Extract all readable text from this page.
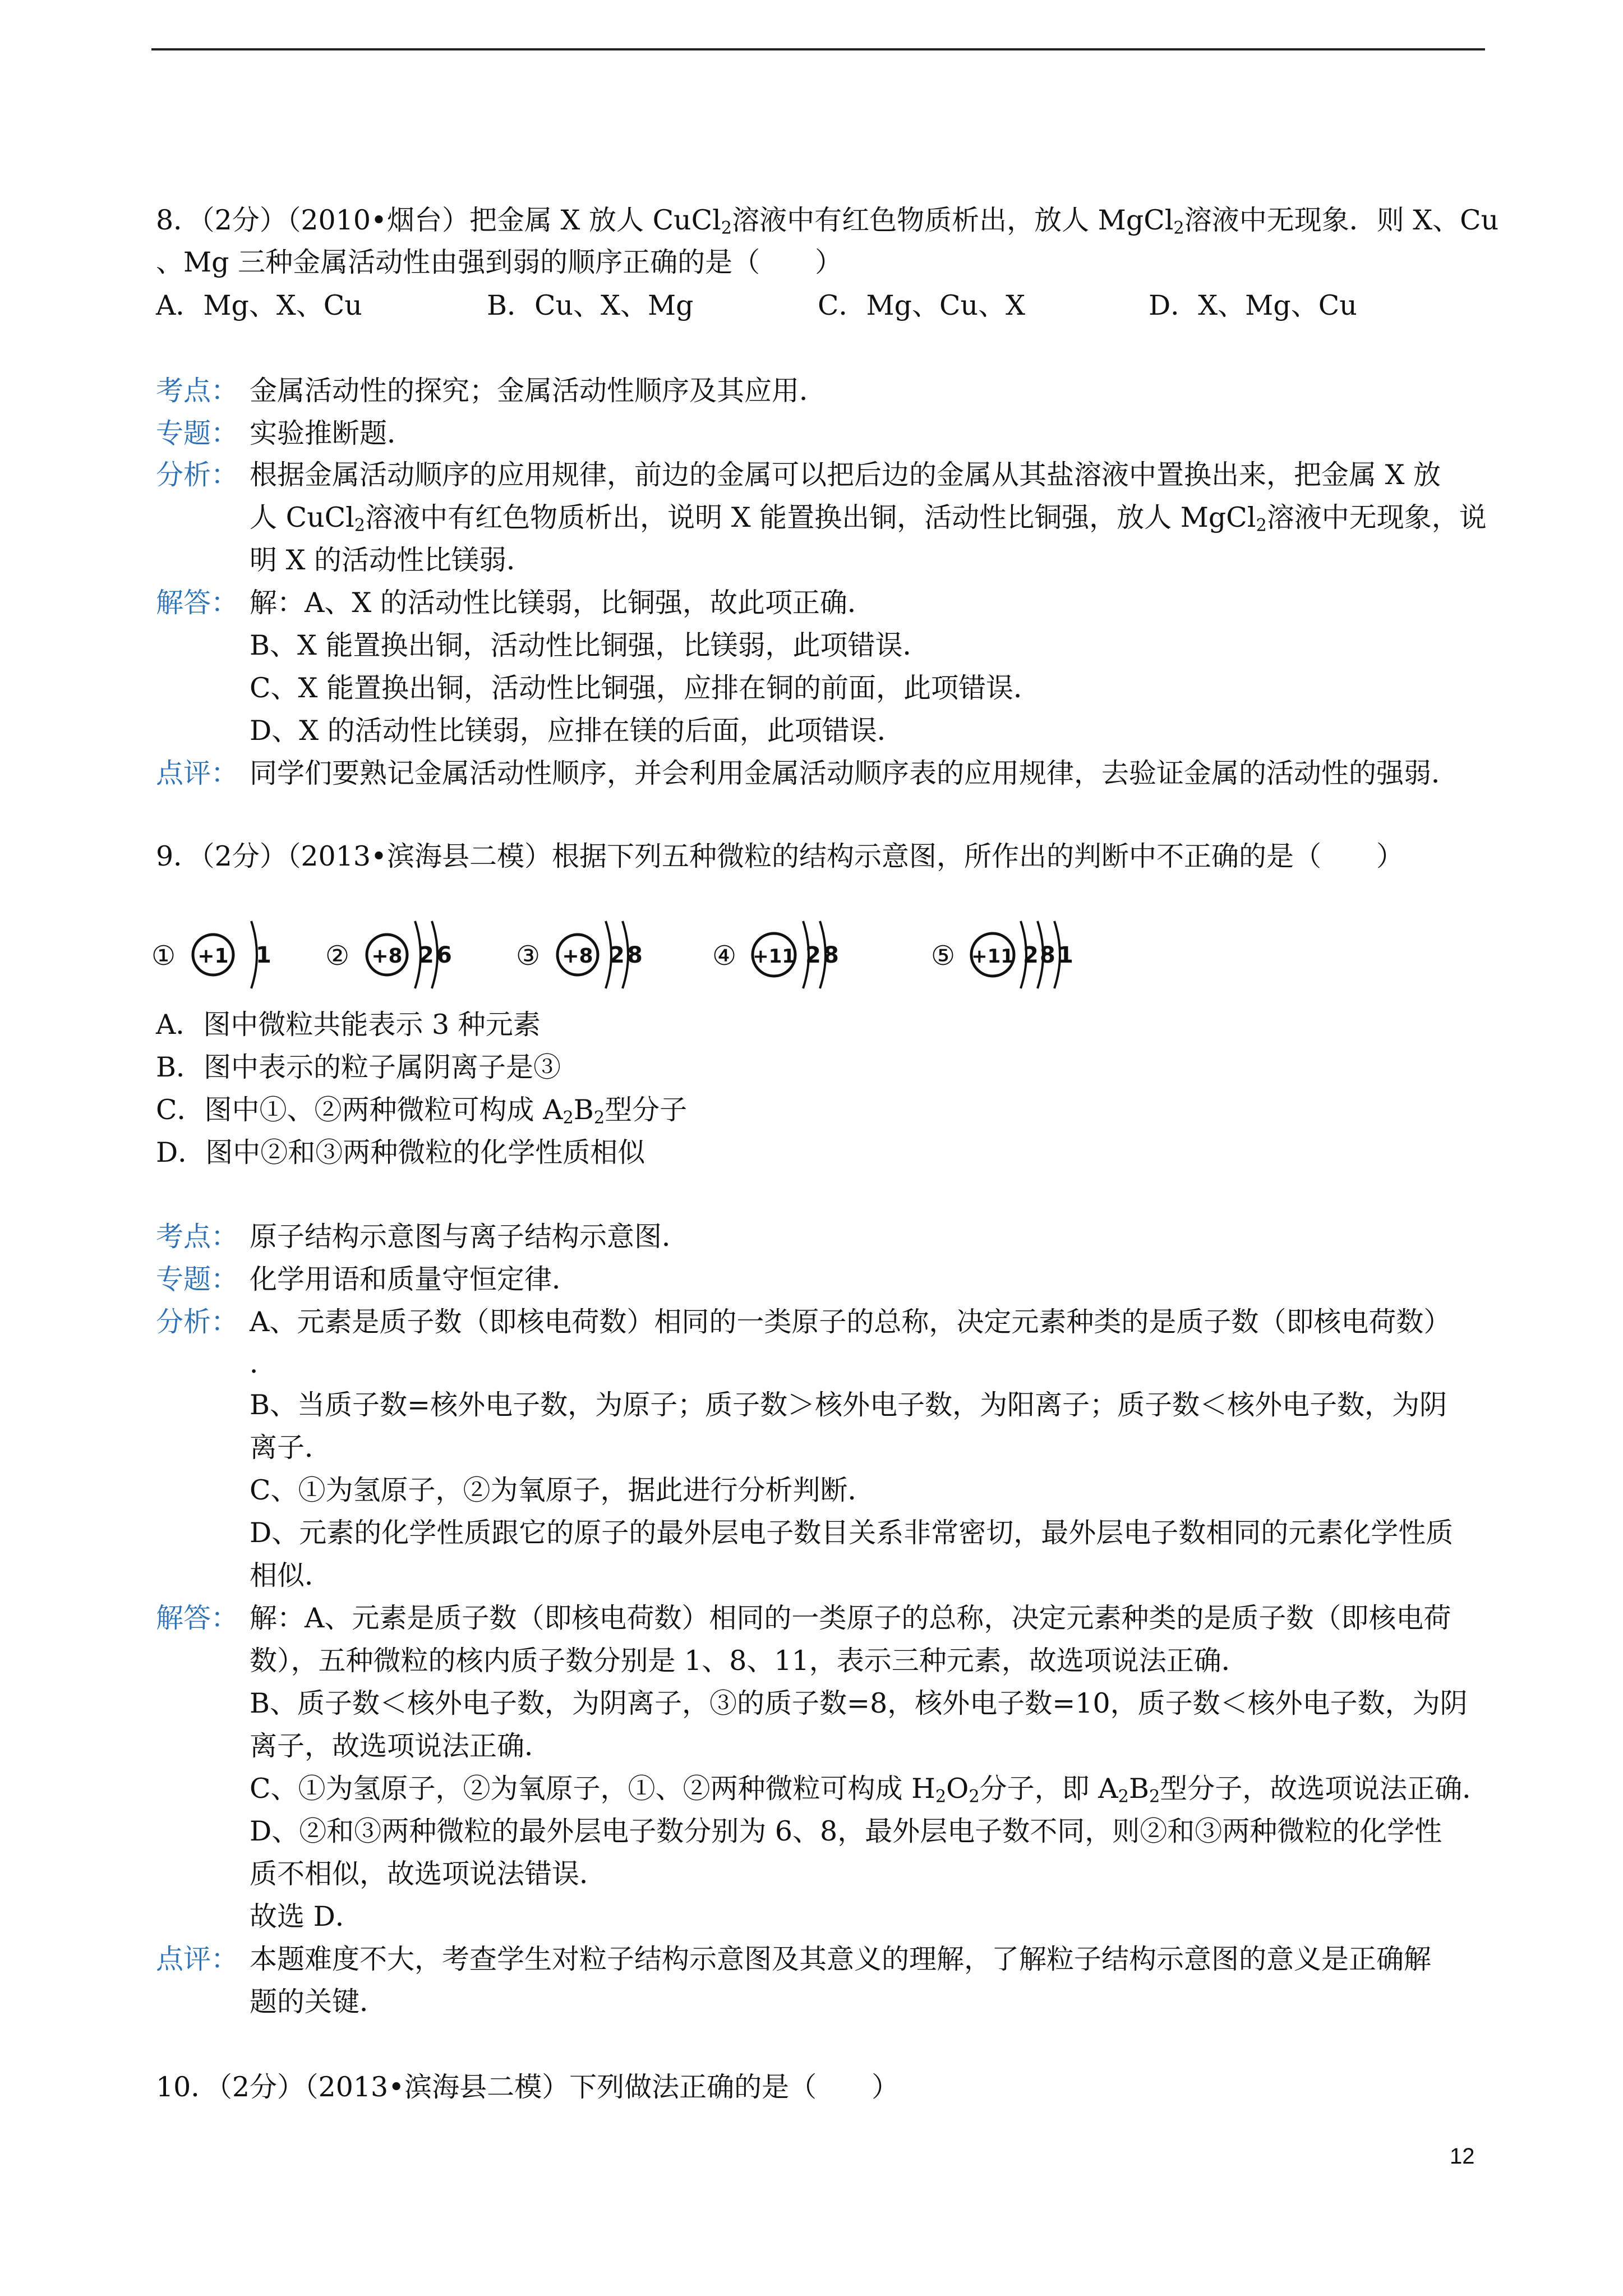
8．（2分）（2010•烟台）把金属 X 放人 CuCl$_2$溶液中有红色物质析出，放人 MgCl$_2$溶液中无现象．则 X、Cu
、Mg 三种金属活动性由强到弱的顺序正确的是（　　）
A．Mg、X、Cu	B．Cu、X、Mg	C．Mg、Cu、X	D．X、Mg、Cu
考点： 金属活动性的探究；金属活动性顺序及其应用．
专题： 实验推断题．
分析： 根据金属活动顺序的应用规律，前边的金属可以把后边的金属从其盐溶液中置换出来，把金属 X 放
人 CuCl$_2$溶液中有红色物质析出，说明 X 能置换出铜，活动性比铜强，放人 MgCl$_2$溶液中无现象，说
明 X 的活动性比镁弱．
解答： 解：A、X 的活动性比镁弱，比铜强，故此项正确．
B、X 能置换出铜，活动性比铜强，比镁弱，此项错误．
C、X 能置换出铜，活动性比铜强，应排在铜的前面，此项错误．
D、X 的活动性比镁弱，应排在镁的后面，此项错误．
点评： 同学们要熟记金属活动性顺序，并会利用金属活动顺序表的应用规律，去验证金属的活动性的强弱．
9．（2分）（2013•滨海县二模）根据下列五种微粒的结构示意图，所作出的判断中不正确的是（　　）
① +1 1 ② +8 2 6 ③ +8 2 8	④ +11 2 8	⑤ +11 2 8 1
A．图中微粒共能表示 3 种元素
B．图中表示的粒子属阴离子是③
C．图中①、②两种微粒可构成 $A_2B_2$型分子
D．图中②和③两种微粒的化学性质相似
考点： 原子结构示意图与离子结构示意图．
专题： 化学用语和质量守恒定律．
分析： A、元素是质子数（即核电荷数）相同的一类原子的总称，决定元素种类的是质子数（即核电荷数）
．
B、当质子数=核外电子数，为原子；质子数＞核外电子数，为阳离子；质子数＜核外电子数，为阴
离子．
C、①为氢原子，②为氧原子，据此进行分析判断．
D、元素的化学性质跟它的原子的最外层电子数目关系非常密切，最外层电子数相同的元素化学性质
相似．
解答： 解：A、元素是质子数（即核电荷数）相同的一类原子的总称，决定元素种类的是质子数（即核电荷
数），五种微粒的核内质子数分别是 1、8、11，表示三种元素，故选项说法正确．
B、质子数＜核外电子数，为阴离子，③的质子数=8，核外电子数=10，质子数＜核外电子数，为阴
离子，故选项说法正确．
C、①为氢原子，②为氧原子，①、②两种微粒可构成 $H_2O_2$分子，即 $A_2B_2$型分子，故选项说法正确．
D、②和③两种微粒的最外层电子数分别为 6、8，最外层电子数不同，则②和③两种微粒的化学性
质不相似，故选项说法错误．
故选 D．
点评： 本题难度不大，考查学生对粒子结构示意图及其意义的理解，了解粒子结构示意图的意义是正确解
题的关键．
10．（2分）（2013•滨海县二模）下列做法正确的是（　　）
12
